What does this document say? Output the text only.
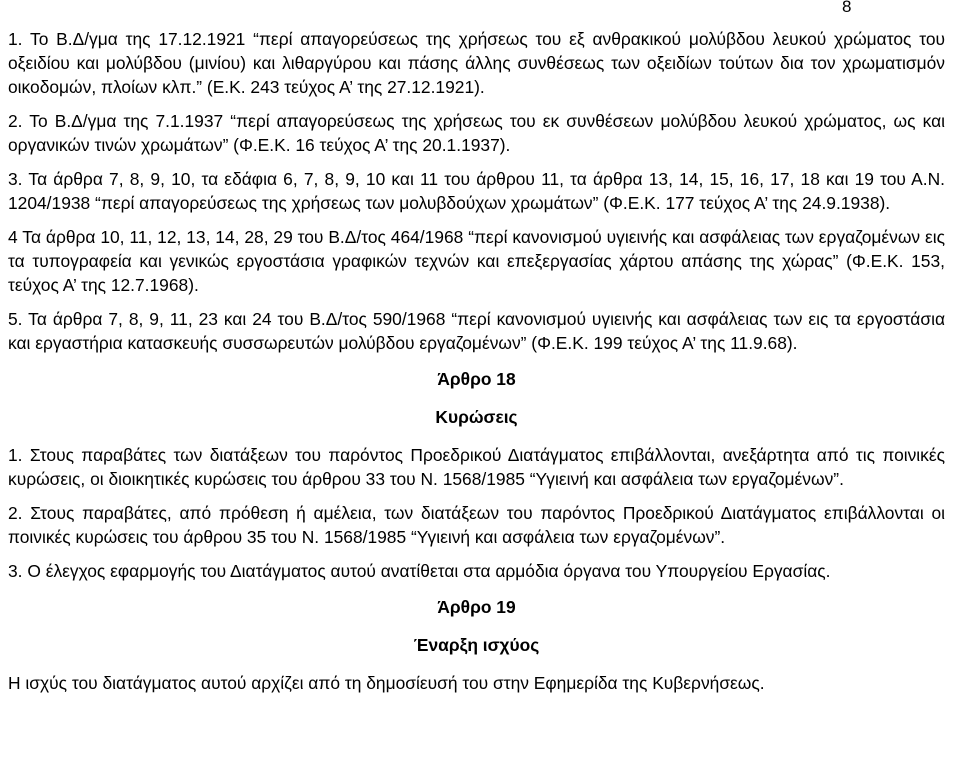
8

1. Το Β.Δ/γμα της 17.12.1921 “περί απαγορεύσεως της χρήσεως του εξ ανθρακικού μολύβδου λευκού χρώματος του οξειδίου και μολύβδου (μινίου) και λιθαργύρου και πάσης άλλης συνθέσεως των οξειδίων τούτων δια τον χρωματισμόν οικοδομών, πλοίων κλπ.” (Ε.Κ. 243 τεύχος Α’ της 27.12.1921).

2. Το Β.Δ/γμα της 7.1.1937 “περί απαγορεύσεως της χρήσεως του εκ συνθέσεων μολύβδου λευκού χρώματος, ως και οργανικών τινών χρωμάτων” (Φ.Ε.Κ. 16 τεύχος Α’ της 20.1.1937).

3. Τα άρθρα 7, 8, 9, 10, τα εδάφια 6, 7, 8, 9, 10 και 11 του άρθρου 11, τα άρθρα 13, 14, 15, 16, 17, 18 και 19 του Α.Ν. 1204/1938 “περί απαγορεύσεως της χρήσεως των μολυβδούχων χρωμάτων” (Φ.Ε.Κ. 177 τεύχος Α’ της 24.9.1938).

4 Τα άρθρα 10, 11, 12, 13, 14, 28, 29 του Β.Δ/τος 464/1968 “περί κανονισμού υγιεινής και ασφάλειας των εργαζομένων εις τα τυπογραφεία και γενικώς εργοστάσια γραφικών τεχνών και επεξεργασίας χάρτου απάσης της χώρας” (Φ.Ε.Κ. 153, τεύχος Α’ της 12.7.1968).

5. Τα άρθρα 7, 8, 9, 11, 23 και 24 του Β.Δ/τος 590/1968 “περί κανονισμού υγιεινής και ασφάλειας των εις τα εργοστάσια και εργαστήρια κατασκευής συσσωρευτών μολύβδου εργαζομένων” (Φ.Ε.Κ. 199 τεύχος Α’ της 11.9.68).

Άρθρο 18
Κυρώσεις

1. Στους παραβάτες των διατάξεων του παρόντος Προεδρικού Διατάγματος επιβάλλονται, ανεξάρτητα από τις ποινικές κυρώσεις, οι διοικητικές κυρώσεις του άρθρου 33 του Ν. 1568/1985 “Υγιεινή και ασφάλεια των εργαζομένων”.

2. Στους παραβάτες, από πρόθεση ή αμέλεια, των διατάξεων του παρόντος Προεδρικού Διατάγματος επιβάλλονται οι ποινικές κυρώσεις του άρθρου 35 του Ν. 1568/1985 “Υγιεινή και ασφάλεια των εργαζομένων”.

3. Ο έλεγχος εφαρμογής του Διατάγματος αυτού ανατίθεται στα αρμόδια όργανα του Υπουργείου Εργασίας.

Άρθρο 19
Έναρξη ισχύος

Η ισχύς του διατάγματος αυτού αρχίζει από τη δημοσίευσή του στην Εφημερίδα της Κυβερνήσεως.
